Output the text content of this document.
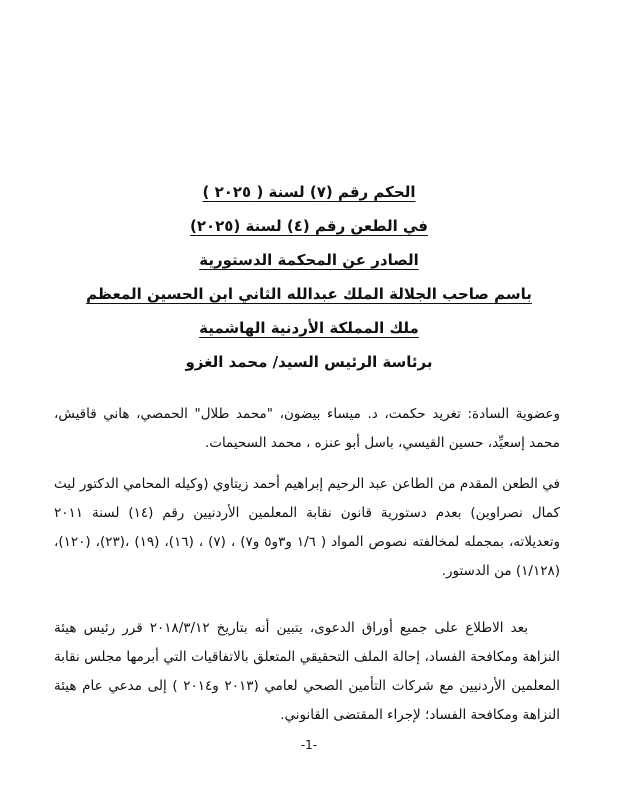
الحكم رقم (٧) لسنة ( ٢٠٢٥ )
في الطعن رقم (٤) لسنة (٢٠٢٥)
الصادر عن المحكمة الدستورية
باسم صاحب الجلالة الملك عبدالله الثاني ابن الحسين المعظم
ملك المملكة الأردنية الهاشمية
برئاسة الرئيس السيد/ محمد الغزو

وعضوية السادة: تغريد حكمت، د. ميساء بيضون، "محمد طلال" الحمصي، هاني قاقيش، محمد إسعيِّد، حسين القيسي، باسل أبو عنزه ، محمد السحيمات.

في الطعن المقدم من الطاعن عبد الرحيم إبراهيم أحمد زيتاوي (وكيله المحامي الدكتور ليث كمال نصراوين) بعدم دستورية قانون نقابة المعلمين الأردنيين رقم (١٤) لسنة ٢٠١١ وتعديلاته، بمجمله لمخالفته نصوص المواد ( ١/٦ و٣و٥ و٧) ، (٧) ، (١٦)، (١٩) ،(٢٣)، (١٢٠)، (١/١٢٨) من الدستور.

بعد الاطلاع على جميع أوراق الدعوى، يتبين أنه بتاريخ ٢٠١٨/٣/١٢ قرر رئيس هيئة النزاهة ومكافحة الفساد، إحالة الملف التحقيقي المتعلق بالاتفاقيات التي أبرمها مجلس نقابة المعلمين الأردنيين مع شركات التأمين الصحي لعامي (٢٠١٣ و٢٠١٤ ) إلى مدعي عام هيئة النزاهة ومكافحة الفساد؛ لإجراء المقتضى القانوني.

-1-
